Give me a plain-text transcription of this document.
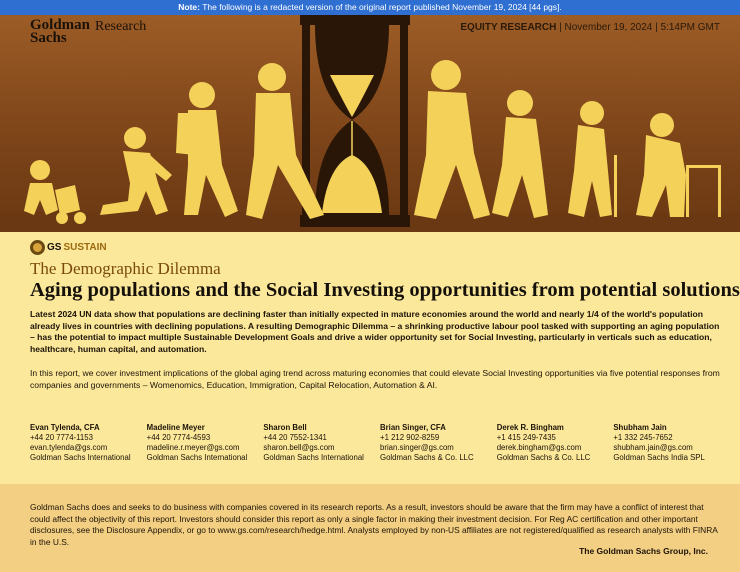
Note: The following is a redacted version of the original report published November 19, 2024 [44 pgs].
Goldman
Sachs
Research	EQUITY RESEARCH | November 19, 2024 | 5:14PM GMT
GS SUSTAIN
The Demographic Dilemma
Aging populations and the Social Investing opportunities from potential solutions

Latest 2024 UN data show that populations are declining faster than initially expected in mature economies around the world and nearly 1/4 of the world's population already lives in countries with declining populations. A resulting Demographic Dilemma – a shrinking productive labour pool tasked with supporting an aging population – has the potential to impact multiple Sustainable Development Goals and drive a wider opportunity set for Social Investing, particularly in verticals such as education, healthcare, human capital, and automation.

In this report, we cover investment implications of the global aging trend across maturing economies that could elevate Social Investing opportunities via five potential responses from companies and governments – Womenomics, Education, Immigration, Capital Relocation, Automation & AI.

Evan Tylenda, CFA
+44 20 7774-1153
evan.tylenda@gs.com
Goldman Sachs International
Madeline Meyer
+44 20 7774-4593
madeline.r.meyer@gs.com
Goldman Sachs International
Sharon Bell
+44 20 7552-1341
sharon.bell@gs.com
Goldman Sachs International
Brian Singer, CFA
+1 212 902-8259
brian.singer@gs.com
Goldman Sachs & Co. LLC
Derek R. Bingham
+1 415 249-7435
derek.bingham@gs.com
Goldman Sachs & Co. LLC
Shubham Jain
+1 332 245-7652
shubham.jain@gs.com
Goldman Sachs India SPL

Goldman Sachs does and seeks to do business with companies covered in its research reports. As a result, investors should be aware that the firm may have a conflict of interest that could affect the objectivity of this report. Investors should consider this report as only a single factor in making their investment decision. For Reg AC certification and other important disclosures, see the Disclosure Appendix, or go to www.gs.com/research/hedge.html. Analysts employed by non-US affiliates are not registered/qualified as research analysts with FINRA in the U.S.

The Goldman Sachs Group, Inc.
